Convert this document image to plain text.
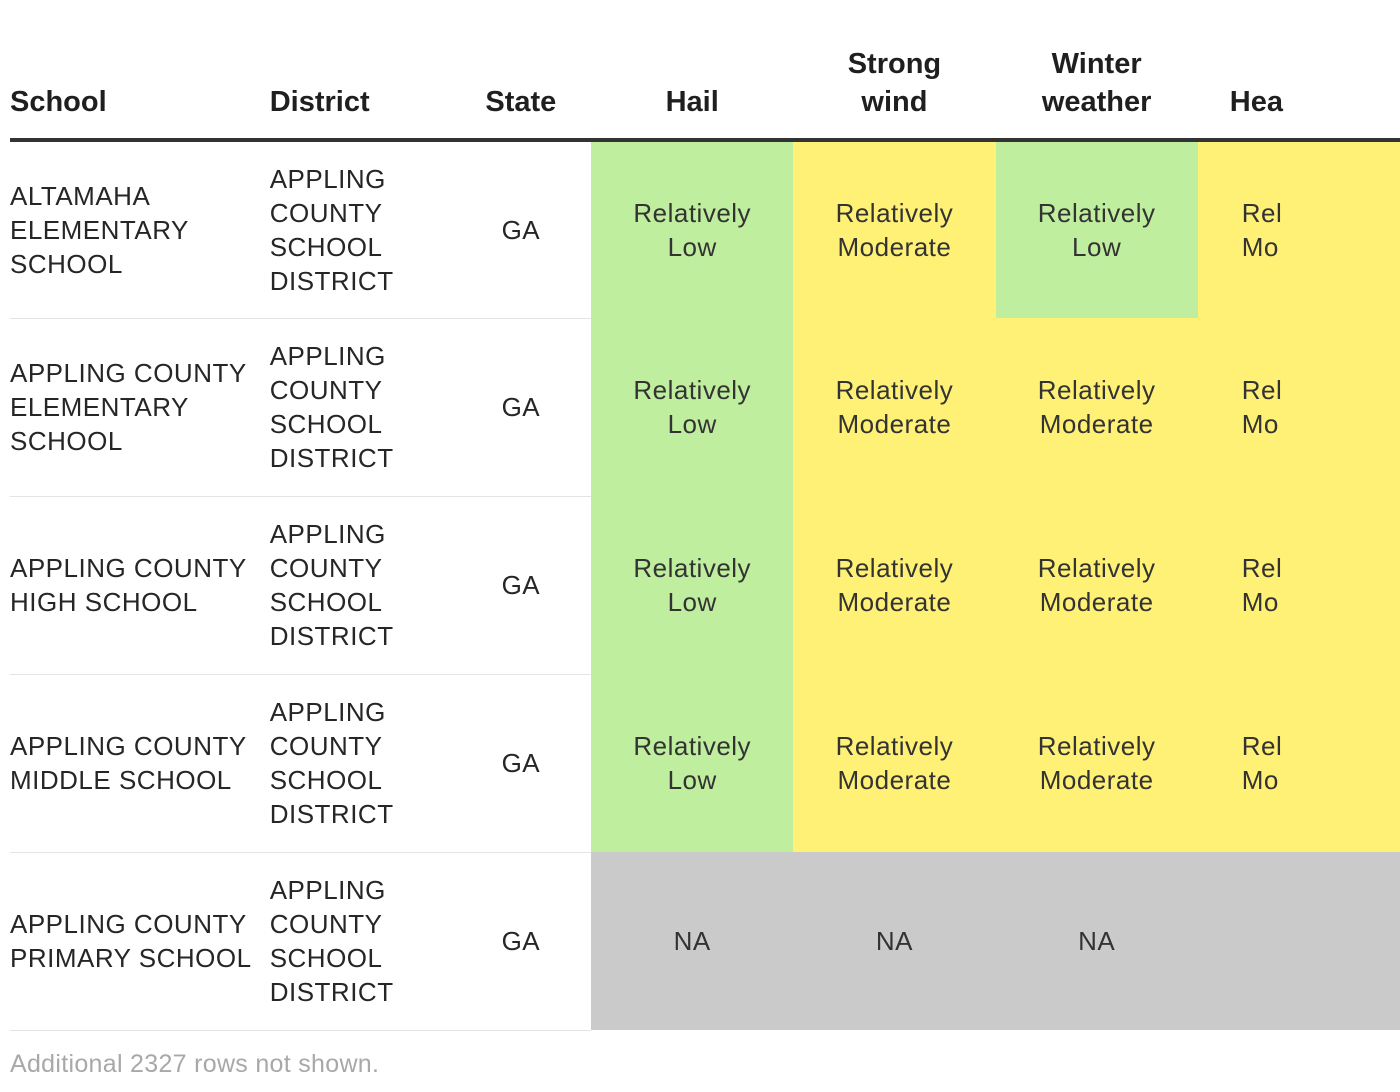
School	District	State	Hail	Strong wind	Winter weather	Hea
ALTAMAHA ELEMENTARY SCHOOL	APPLING COUNTY SCHOOL DISTRICT	GA	Relatively Low	Relatively Moderate	Relatively Low	Rel Mo
APPLING COUNTY ELEMENTARY SCHOOL	APPLING COUNTY SCHOOL DISTRICT	GA	Relatively Low	Relatively Moderate	Relatively Moderate	Rel Mo
APPLING COUNTY HIGH SCHOOL	APPLING COUNTY SCHOOL DISTRICT	GA	Relatively Low	Relatively Moderate	Relatively Moderate	Rel Mo
APPLING COUNTY MIDDLE SCHOOL	APPLING COUNTY SCHOOL DISTRICT	GA	Relatively Low	Relatively Moderate	Relatively Moderate	Rel Mo
APPLING COUNTY PRIMARY SCHOOL	APPLING COUNTY SCHOOL DISTRICT	GA	NA	NA	NA	
Additional 2327 rows not shown.
